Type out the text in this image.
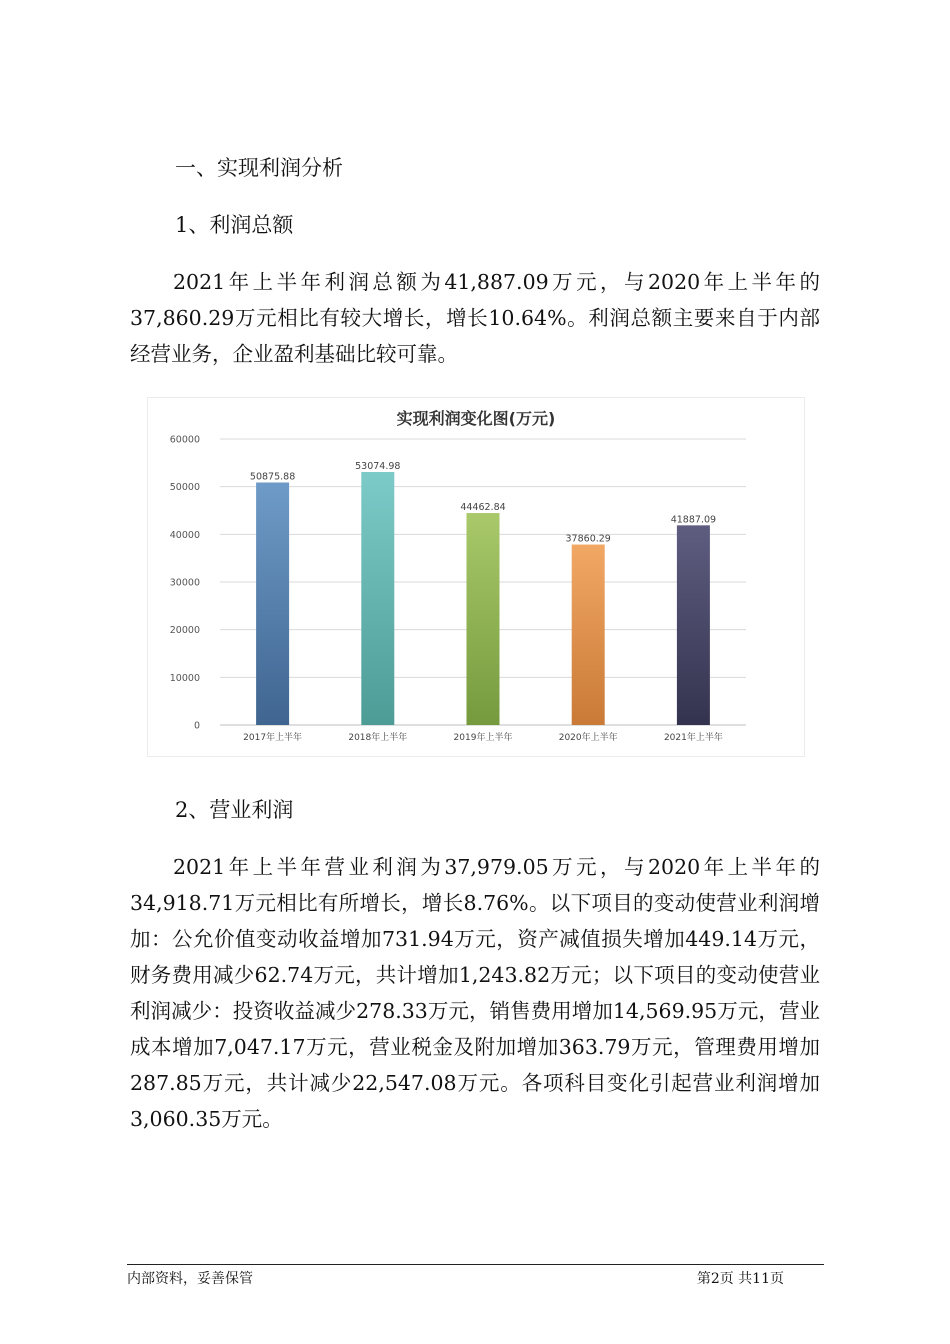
一、实现利润分析
1、利润总额

2021年上半年利润总额为41,887.09万元，与2020年上半年的37,860.29万元相比有较大增长，增长10.64%。利润总额主要来自于内部经营业务，企业盈利基础比较可靠。

实现利润变化图(万元)
0
10000
20000
30000
40000
50000
60000
50875.88
2017年上半年
53074.98
2018年上半年
44462.84
2019年上半年
37860.29
2020年上半年
41887.09
2021年上半年
2、营业利润

2021年上半年营业利润为37,979.05万元，与2020年上半年的34,918.71万元相比有所增长，增长8.76%。以下项目的变动使营业利润增加：公允价值变动收益增加731.94万元，资产减值损失增加449.14万元，财务费用减少62.74万元，共计增加1,243.82万元；以下项目的变动使营业利润减少：投资收益减少278.33万元，销售费用增加14,569.95万元，营业成本增加7,047.17万元，营业税金及附加增加363.79万元，管理费用增加287.85万元，共计减少22,547.08万元。各项科目变化引起营业利润增加3,060.35万元。

内部资料，妥善保管	第2页 共11页
